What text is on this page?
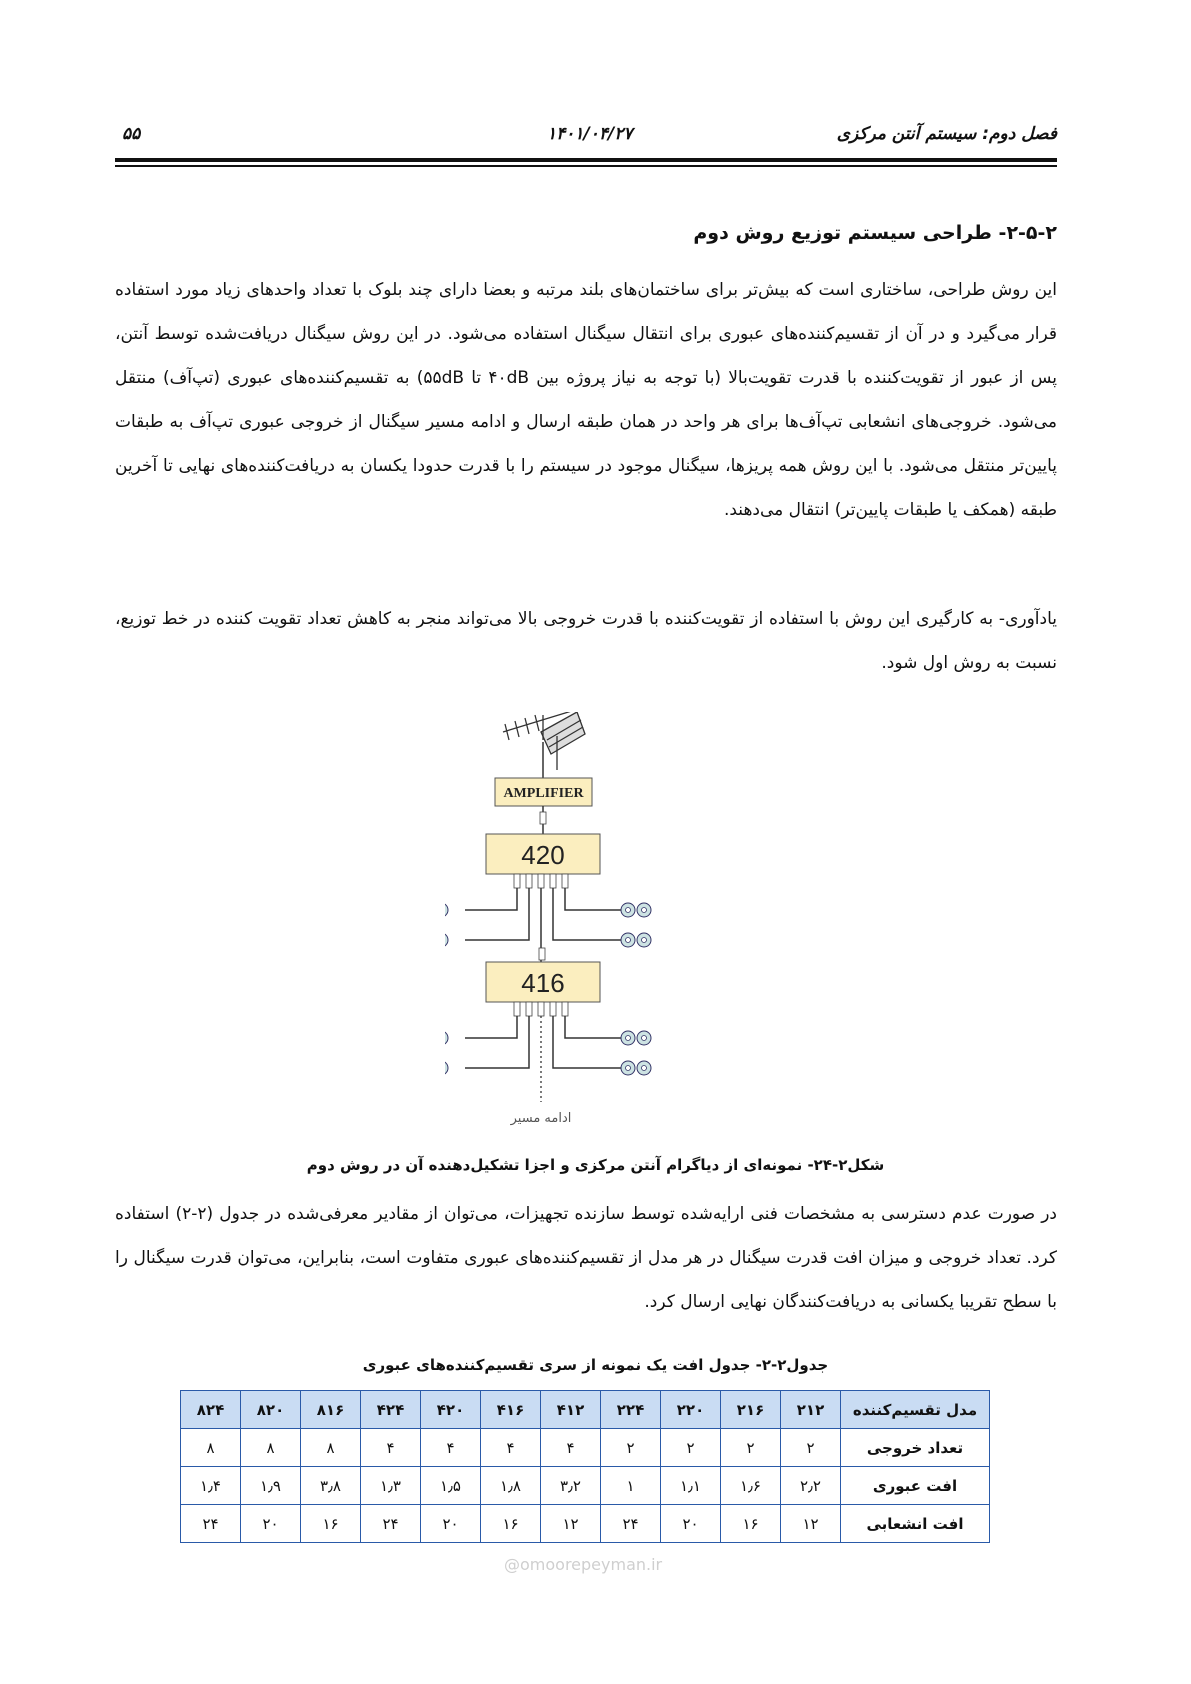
فصل دوم: سیستم آنتن مرکزی
۱۴۰۱/۰۴/۲۷
۵۵
۲-۵-۲- طراحی سیستم توزیع روش دوم

این روش طراحی، ساختاری است که بیش‌تر برای ساختمان‌های بلند مرتبه و بعضا دارای چند بلوک با تعداد واحدهای زیاد مورد استفاده قرار می‌گیرد و در آن از تقسیم‌کننده‌های عبوری برای انتقال سیگنال استفاده می‌شود. در این روش سیگنال دریافت‌شده توسط آنتن، پس از عبور از تقویت‌کننده با قدرت تقویت‌بالا (با توجه به نیاز پروژه بین ۴۰dB تا ۵۵dB) به تقسیم‌کننده‌های عبوری (تپ‌آف) منتقل می‌شود. خروجی‌های انشعابی تپ‌آف‌ها برای هر واحد در همان طبقه ارسال و ادامه مسیر سیگنال از خروجی عبوری تپ‌آف به طبقات پایین‌تر منتقل می‌شود. با این روش همه پریزها، سیگنال موجود در سیستم را با قدرت حدودا یکسان به دریافت‌کننده‌های نهایی تا آخرین طبقه (همکف یا طبقات پایین‌تر) انتقال می‌دهند.

یادآوری- به کارگیری این روش با استفاده از تقویت‌کننده با قدرت خروجی بالا می‌تواند منجر به کاهش تعداد تقویت کننده در خط توزیع، نسبت به روش اول شود.

AMPLIFIER
420
416
ادامه مسیر
شکل۲-۲۴- نمونه‌ای از دیاگرام آنتن مرکزی و اجزا تشکیل‌دهنده آن در روش دوم

در صورت عدم دسترسی به مشخصات فنی ارایه‌شده توسط سازنده تجهیزات، می‌توان از مقادیر معرفی‌شده در جدول (۲-۲) استفاده کرد. تعداد خروجی و میزان افت قدرت سیگنال در هر مدل از تقسیم‌کننده‌های عبوری متفاوت است، بنابراین، می‌توان قدرت سیگنال را با سطح تقریبا یکسانی به دریافت‌کنندگان نهایی ارسال کرد.

جدول۲-۲- جدول افت یک نمونه از سری تقسیم‌کننده‌های عبوری
مدل تقسیم‌کننده	۲۱۲	۲۱۶	۲۲۰	۲۲۴	۴۱۲	۴۱۶	۴۲۰	۴۲۴	۸۱۶	۸۲۰	۸۲۴
تعداد خروجی	۲	۲	۲	۲	۴	۴	۴	۴	۸	۸	۸
افت عبوری	۲٫۲	۱٫۶	۱٫۱	۱	۳٫۲	۱٫۸	۱٫۵	۱٫۳	۳٫۸	۱٫۹	۱٫۴
افت انشعابی	۱۲	۱۶	۲۰	۲۴	۱۲	۱۶	۲۰	۲۴	۱۶	۲۰	۲۴
@omoorepeyman.ir
